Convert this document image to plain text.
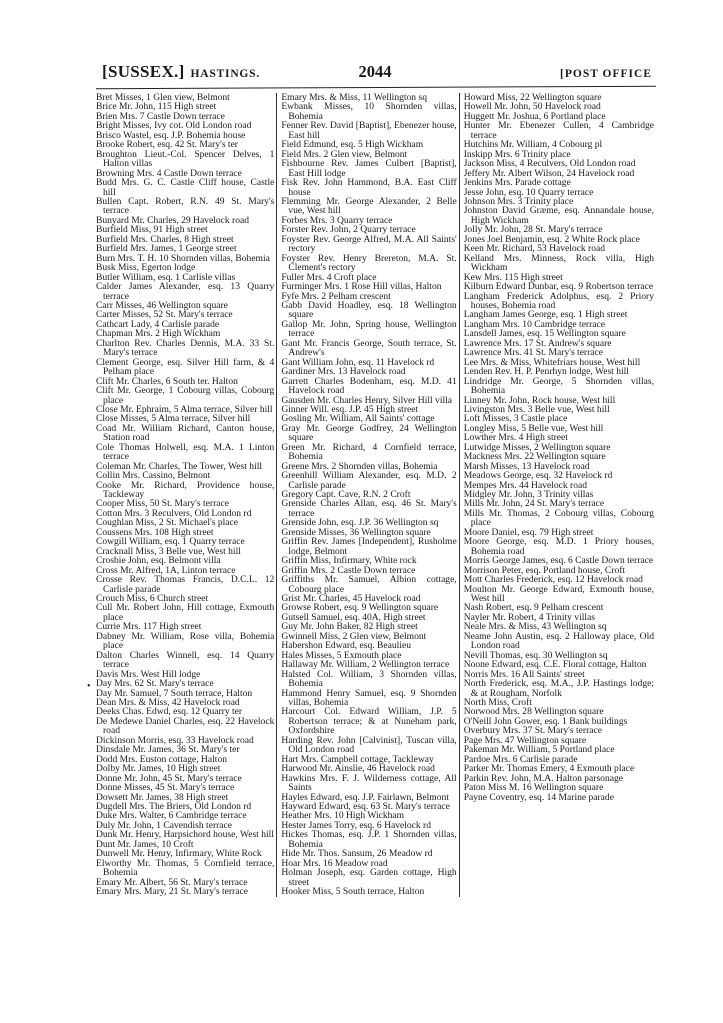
[SUSSEX.] HASTINGS.	2044	[POST OFFICE
•
Bret Misses, 1 Glen view, Belmont
Brice Mr. John, 115 High street
Brien Mrs. 7 Castle Down terrace
Bright Misses, Ivy cot. Old London road
Brisco Wastel, esq. J.P. Bohemia house
Brooke Robert, esq. 42 St. Mary's ter
Broughton Lieut.-Col. Spencer Delves, 1 Halton villas
Browning Mrs. 4 Castle Down terrace
Budd Mrs. G. C. Castle Cliff house, Castle hill
Bullen Capt. Robert, R.N. 49 St. Mary's terrace
Bunyard Mr. Charles, 29 Havelock road
Burfield Miss, 91 High street
Burfield Mrs. Charles, 8 High street
Burfield Mrs. James, 1 George street
Burn Mrs. T. H. 10 Shornden villas, Bohemia
Busk Miss, Egerton lodge
Butler William, esq. 1 Carlisle villas
Calder James Alexander, esq. 13 Quarry terrace
Carr Misses, 46 Wellington square
Carter Misses, 52 St. Mary's terrace
Cathcart Lady, 4 Carlisle parade
Chapman Mrs. 2 High Wickham
Charlton Rev. Charles Dennis, M.A. 33 St. Mary's terrace
Clement George, esq. Silver Hill farm, & 4 Pelham place
Clift Mr. Charles, 6 South ter. Halton
Clift Mr. George, 1 Cobourg villas, Cobourg place
Close Mr. Ephraim, 5 Alma terrace, Silver hill
Close Misses, 5 Alma terrace, Silver hill
Coad Mr. William Richard, Canton house, Station road
Cole Thomas Holwell, esq. M.A. 1 Linton terrace
Coleman Mr. Charles, The Tower, West hill
Collin Mrs. Cassino, Belmont
Cooke Mr. Richard, Providence house, Tackleway
Cooper Miss, 50 St. Mary's terrace
Cotton Mrs. 3 Reculvers, Old London rd
Coughlan Miss, 2 St. Michael's place
Coussens Mrs. 108 High street
Cowgill William, esq. 1 Quarry terrace
Cracknall Miss, 3 Belle vue, West hill
Crosbie John, esq. Belmont villa
Cross Mr. Alfred, 1A, Linton terrace
Crosse Rev. Thomas Francis, D.C.L. 12 Carlisle parade
Crouch Miss, 6 Church street
Cull Mr. Robert John, Hill cottage, Exmouth place
Currie Mrs. 117 High street
Dabney Mr. William, Rose villa, Bohemia place
Dalton Charles Winnell, esq. 14 Quarry terrace
Davis Mrs. West Hill lodge
Day Mrs. 62 St. Mary's terrace
Day Mr. Samuel, 7 South terrace, Halton
Dean Mrs. & Miss, 42 Havelock road
Deeks Chas. Edwd, esq. 12 Quarry ter
De Medewe Daniel Charles, esq. 22 Havelock road
Dickinson Morris, esq. 33 Havelock road
Dinsdale Mr. James, 36 St. Mary's ter
Dodd Mrs. Euston cottage, Halton
Dolby Mr. James, 10 High street
Donne Mr. John, 45 St. Mary's terrace
Donne Misses, 45 St. Mary's terrace
Dowsett Mr. James, 38 High street
Dugdell Mrs. The Briers, Old London rd
Duke Mrs. Walter, 6 Cambridge terrace
Duly Mr. John, 1 Cavendish terrace
Dunk Mr. Henry, Harpsichord house, West hill
Dunt Mr. James, 10 Croft
Dunwell Mr. Henry, Infirmary, White Rock
Elworthy Mr. Thomas, 5 Cornfield terrace, Bohemia
Emary Mr. Albert, 56 St. Mary's terrace
Emary Mrs. Mary, 21 St. Mary's terrace
Emary Mrs. & Miss, 11 Wellington sq
Ewbank Misses, 10 Shornden villas, Bohemia
Fenner Rev. David [Baptist], Ebenezer house, East hill
Field Edmund, esq. 5 High Wickham
Field Mrs. 2 Glen view, Belmont
Fishbourne Rev. James Culbert [Baptist], East Hill lodge
Fisk Rev. John Hammond, B.A. East Cliff house
Flemming Mr. George Alexander, 2 Belle vue, West hill
Forbes Mrs. 3 Quarry terrace
Forster Rev. John, 2 Quarry terrace
Foyster Rev. George Alfred, M.A. All Saints' rectory
Foyster Rev. Henry Brereton, M.A. St. Clement's rectory
Fuller Mrs. 4 Croft place
Furminger Mrs. 1 Rose Hill villas, Halton
Fyfe Mrs. 2 Pelham crescent
Gabb David Hoadley, esq. 18 Wellington square
Gallop Mr. John, Spring house, Wellington terrace
Gant Mr. Francis George, South terrace, St. Andrew's
Gant William John, esq. 11 Havelock rd
Gardiner Mrs. 13 Havelock road
Garrett Charles Bodenham, esq. M.D. 41 Havelock road
Gausden Mr. Charles Henry, Silver Hill villa
Ginner Will. esq. J.P. 45 High street
Gosling Mr. William, All Saints' cottage
Gray Mr. George Godfrey, 24 Wellington square
Green Mr. Richard, 4 Cornfield terrace, Bohemia
Greene Mrs. 2 Shornden villas, Bohemia
Greenhill William Alexander, esq. M.D. 2 Carlisle parade
Gregory Capt. Cave, R.N. 2 Croft
Grenside Charles Allan, esq. 46 St. Mary's terrace
Grenside John, esq. J.P. 36 Wellington sq
Grenside Misses, 36 Wellington square
Griffin Rev. James [Independent], Rusholme lodge, Belmont
Griffin Miss, Infirmary, White rock
Griffin Mrs. 2 Castle Down terrace
Griffiths Mr. Samuel, Albion cottage, Cobourg place
Grist Mr. Charles, 45 Havelock road
Growse Robert, esq. 9 Wellington square
Gutsell Samuel, esq. 40A, High street
Guy Mr. John Baker, 82 High street
Gwinnell Miss, 2 Glen view, Belmont
Habershon Edward, esq. Beaulieu
Hales Misses, 5 Exmouth place
Hallaway Mr. William, 2 Wellington terrace
Halsted Col. William, 3 Shornden villas, Bohemia
Hammond Henry Samuel, esq. 9 Shornden villas, Bohemia
Harcourt Col. Edward William, J.P. 5 Robertson terrace; & at Nuneham park, Oxfordshire
Harding Rev. John [Calvinist], Tuscan villa, Old London road
Hart Mrs. Campbell cottage, Tackleway
Harwood Mr. Ainslie, 46 Havelock road
Hawkins Mrs. F. J. Wilderness cottage, All Saints
Hayles Edward, esq. J.P. Fairlawn, Belmont
Hayward Edward, esq. 63 St. Mary's terrace
Heather Mrs. 10 High Wickham
Hester James Torry, esq. 6 Havelock rd
Hickes Thomas, esq. J.P. 1 Shornden villas, Bohemia
Hide Mr. Thos. Sansum, 26 Meadow rd
Hoar Mrs. 16 Meadow road
Holman Joseph, esq. Garden cottage, High street
Hooker Miss, 5 South terrace, Halton
Howard Miss, 22 Wellington square
Howell Mr. John, 50 Havelock road
Huggett Mr. Joshua, 6 Portland place
Hunter Mr. Ebenezer Cullen, 4 Cambridge terrace
Hutchins Mr. William, 4 Cobourg pl
Inskipp Mrs. 6 Trinity place
Jackson Miss, 4 Reculvers, Old London road
Jeffery Mr. Albert Wilson, 24 Havelock road
Jenkins Mrs. Parade cottage
Jesse John, esq. 10 Quarry terrace
Johnson Mrs. 3 Trinity place
Johnston David Græme, esq. Annandale house, High Wickham
Jolly Mr. John, 28 St. Mary's terrace
Jones Joel Benjamin, esq. 2 White Rock place
Keen Mr. Richard, 53 Havelock road
Kelland Mrs. Minness, Rock villa, High Wickham
Kew Mrs. 115 High street
Kilburn Edward Dunbar, esq. 9 Robertson terrace
Langham Frederick Adolphus, esq. 2 Priory houses, Bohemia road
Langham James George, esq. 1 High street
Langham Mrs. 10 Cambridge terrace
Lansdell James, esq. 15 Wellington square
Lawrence Mrs. 17 St. Andrew's square
Lawrence Mrs. 41 St. Mary's terrace
Lee Mrs. & Miss, Whitefriars house, West hill
Lenden Rev. H. P. Penrhyn lodge, West hill
Lindridge Mr. George, 5 Shornden villas, Bohemia
Linney Mr. John, Rock house, West hill
Livingston Mrs. 3 Belle vue, West hill
Loft Misses, 3 Castle place
Longley Miss, 5 Belle vue, West hill
Lowther Mrs. 4 High street
Lutwidge Misses, 2 Wellington square
Mackness Mrs. 22 Wellington square
Marsh Misses, 13 Havelock road
Meadows George, esq. 32 Havelock rd
Mempes Mrs. 44 Havelock road
Midgley Mr. John, 3 Trinity villas
Mills Mr. John, 24 St. Mary's terrace
Mills Mr. Thomas, 2 Cobourg villas, Cobourg place
Moore Daniel, esq. 79 High street
Moore George, esq. M.D. 1 Priory houses, Bohemia road
Morris George James, esq. 6 Castle Down terrace
Morrison Peter, esq. Portland house, Croft
Mott Charles Frederick, esq. 12 Havelock road
Moulton Mr. George Edward, Exmouth house, West hill
Nash Robert, esq. 9 Pelham crescent
Nayler Mr. Robert, 4 Trinity villas
Neale Mrs. & Miss, 43 Wellington sq
Neame John Austin, esq. 2 Halloway place, Old London road
Nevill Thomas, esq. 30 Wellington sq
Noone Edward, esq. C.E. Floral cottage, Halton
Norris Mrs. 16 All Saints' street
North Frederick, esq. M.A., J.P. Hastings lodge; & at Rougham, Norfolk
North Miss, Croft
Norwood Mrs. 28 Wellington square
O'Neill John Gower, esq. 1 Bank buildings
Overbury Mrs. 37 St. Mary's terrace
Page Mrs. 47 Wellington square
Pakeman Mr. William, 5 Portland place
Pardoe Mrs. 6 Carlisle parade
Parker Mr. Thomas Emery, 4 Exmouth place
Parkin Rev. John, M.A. Halton parsonage
Paton Miss M. 16 Wellington square
Payne Coventry, esq. 14 Marine parade
